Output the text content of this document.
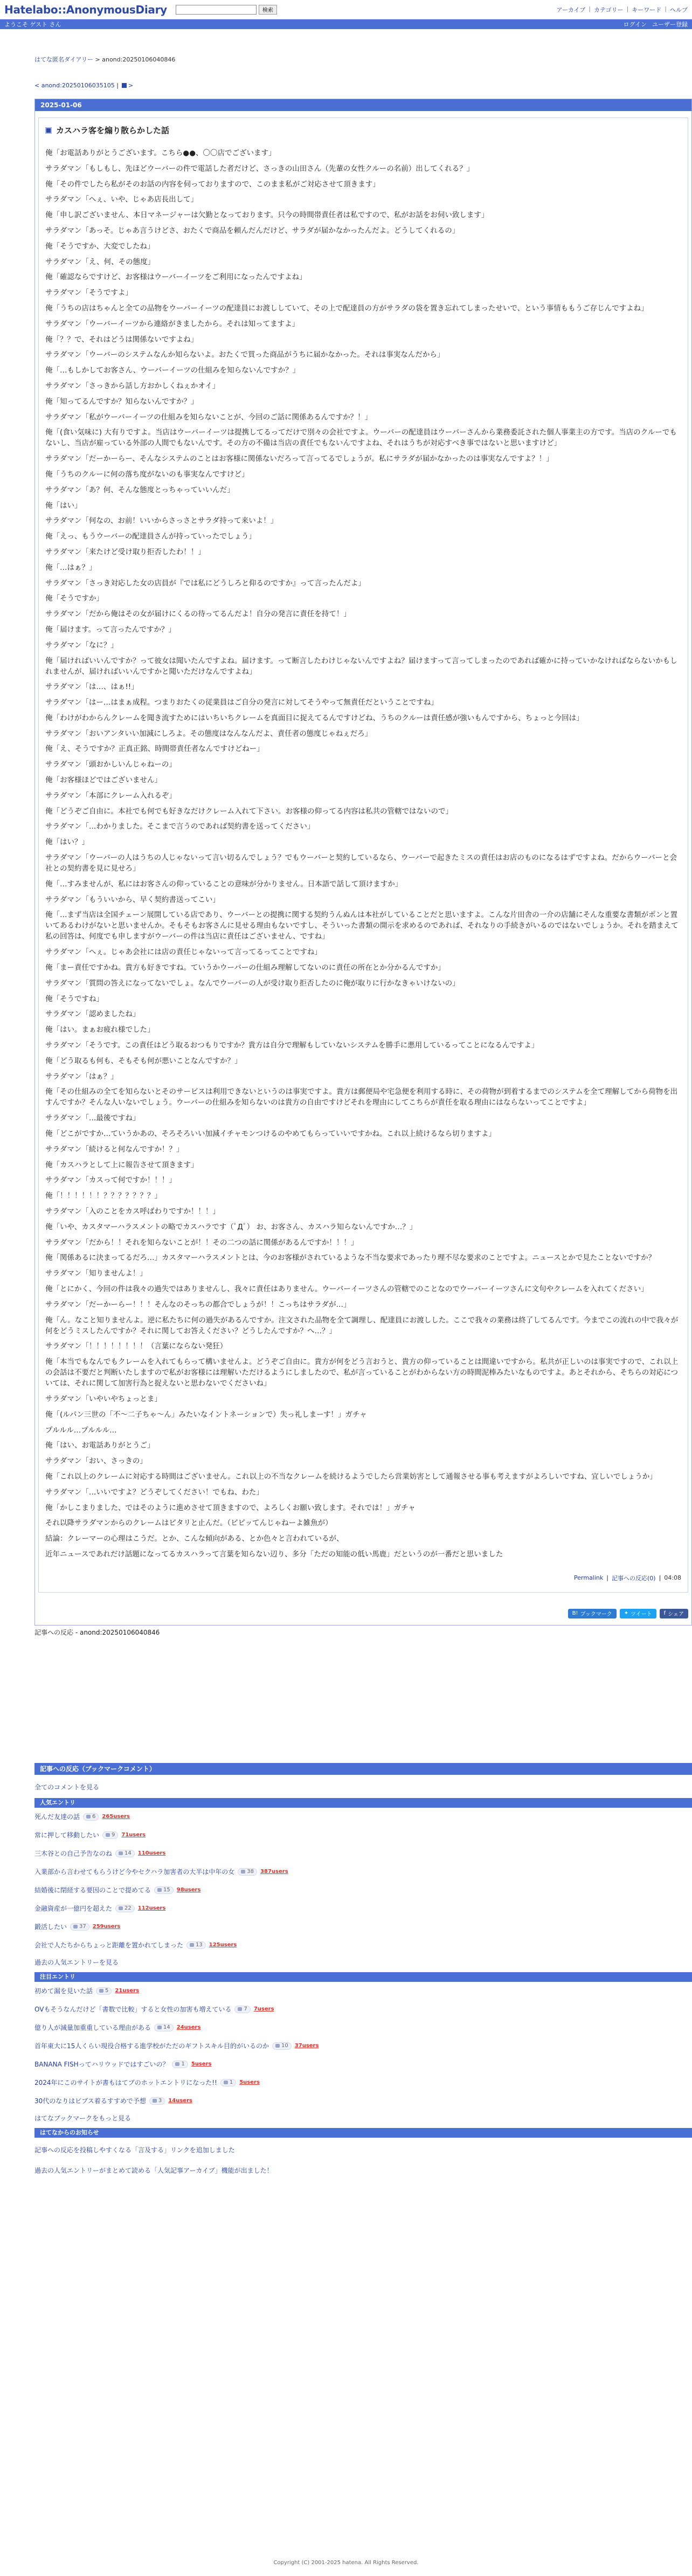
Hatelabo::AnonymousDiary	検索	アーカイブ | カテゴリー | キーワード | ヘルプ
ようこそ ゲスト さん	ログイン ユーザー登録
はてな匿名ダイアリー > anond:20250106040846
< anond:20250106035105 |  >
2025-01-06
カスハラ客を煽り散らかした話

俺「お電話ありがとうございます。こちら●●、〇〇店でございます」

サラダマン「もしもし、先ほどウーバーの件で電話した者だけど、さっきの山田さん（先輩の女性クルーの名前）出してくれる？」

俺「その件でしたら私がそのお話の内容を伺っておりますので、このまま私がご対応させて頂きます」

サラダマン「へぇ、いや、じゃあ店長出して」

俺「申し訳ございません、本日マネージャーは欠勤となっております。只今の時間帯責任者は私ですので、私がお話をお伺い致します」

サラダマン「あっそ。じゃあ言うけどさ、おたくで商品を頼んだんだけど、サラダが届かなかったんだよ。どうしてくれるの」

俺「そうですか、大変でしたね」

サラダマン「え、何、その態度」

俺「確認ならですけど、お客様はウーバーイーツをご利用になったんですよね」

サラダマン「そうですよ」

俺「うちの店はちゃんと全ての品物をウーバーイーツの配達員にお渡ししていて、その上で配達員の方がサラダの袋を置き忘れてしまったせいで、という事情ももうご存じんですよね」

サラダマン「ウーバーイーツから連絡がきましたから。それは知ってますよ」

俺「？？で、それはどうは関係ないですよね」

サラダマン「ウーバーのシステムなんか知らないよ。おたくで買った商品がうちに届かなかった。それは事実なんだから」

俺「…もしかしてお客さん、ウーバーイーツの仕組みを知らないんですか？」

サラダマン「さっきから話し方おかしくねぇかオイ」

俺「知ってるんですか？知らないんですか？」

サラダマン「私がウーバーイーツの仕組みを知らないことが、今回のご話に関係あるんですか？！」

俺「(食い気味に) 大有りですよ。当店はウーバーイーツは提携してるってだけで別々の会社ですよ。ウーバーの配達員はウーバーさんから業務委託された個人事業主の方です。当店のクルーでもないし、当店が雇っている外部の人間でもないんです。その方の不備は当店の責任でもないんですよね、それはうちが対応すべき事ではないと思いますけど」

サラダマン「だーかーらー、そんなシステムのことはお客様に関係ないだろって言ってるでしょうが。私にサラダが届かなかったのは事実なんですよ？！」

俺「うちのクルーに何の落ち度がないのも事実なんですけど」

サラダマン「あ？何、そんな態度とっちゃっていいんだ」

俺「はい」

サラダマン「何なの、お前！いいからさっさとサラダ持って来いよ！」

俺「えっ、もうウーバーの配達員さんが持っていったでしょう」

サラダマン「来たけど受け取り拒否したわ！！」

俺「…はぁ？」

サラダマン「さっき対応した女の店員が『では私にどうしろと仰るのですか』って言ったんだよ」

俺「そうですか」

サラダマン「だから俺はその女が届けにくるの待ってるんだよ！自分の発言に責任を持て！」

俺「届けます。って言ったんですか？」

サラダマン「なに？」

俺「届ければいいんですか？って彼女は聞いたんですよね。届けます。って断言したわけじゃないんですよね？届けますって言ってしまったのであれば確かに持っていかなければならないかもしれませんが、届ければいいんですかと聞いただけなんですよね」

サラダマン「は…、はぁ!!」

サラダマン「はー…はまぁ成程。つまりおたくの従業員はご自分の発言に対してそうやって無責任だということですね」

俺「わけがわからんクレームを聞き流すためにはいちいちクレームを真面目に捉えてるんですけどね、うちのクルーは責任感が強いもんですから、ちょっと今回は」

サラダマン「おいアンタいい加減にしろよ。その態度はなんなんだよ、責任者の態度じゃねぇだろ」

俺「え、そうですか？正真正銘、時間帯責任者なんですけどねー」

サラダマン「頭おかしいんじゃねーの」

俺「お客様ほどではございません」

サラダマン「本部にクレーム入れるぞ」

俺「どうぞご自由に。本社でも何でも好きなだけクレーム入れて下さい。お客様の仰ってる内容は私共の管轄ではないので」

サラダマン「…わかりました。そこまで言うのであれば契約書を送ってください」

俺「はい？」

サラダマン「ウーバーの人はうちの人じゃないって言い切るんでしょう？でもウーバーと契約しているなら、ウーバーで起きたミスの責任はお店のものになるはずですよね。だからウーバーと会社との契約書を見に見せろ」

俺「…すみませんが、私にはお客さんの仰っていることの意味が分かりません。日本語で話して頂けますか」

サラダマン「もういいから、早く契約書送ってこい」

俺「…まず当店は全国チェーン展開している店であり、ウーバーとの提携に関する契約うんぬんは本社がしていることだと思いますよ。こんな片田舎の一介の店舗にそんな重要な書類がポンと置いてあるわけがないと思いませんか。そもそもお客さんに見せる理由もないですし、そういった書類の開示を求めるのであれば、それなりの手続きがいるのではないでしょうか。それを踏まえて私の回答は、何度でも申しますがウーバーの件は当店に責任はございません、ですね」

サラダマン「へぇ。じゃあ会社には店の責任じゃないって言ってるってことですね」

俺「まー責任ですかね。貴方も好きですね。ていうかウーバーの仕組み理解してないのに責任の所在とか分かるんですか」

サラダマン「質問の答えになってないでしょ。なんでウーバーの人が受け取り拒否したのに俺が取りに行かなきゃいけないの」

俺「そうですね」

サラダマン「認めましたね」

俺「はい。まぁお疲れ様でした」

サラダマン「そうです。この責任はどう取るおつもりですか？貴方は自分で理解もしていないシステムを勝手に悪用しているってことになるんですよ」

俺「どう取るも何も、そもそも何が悪いことなんですか？」

サラダマン「はぁ？」

俺「その仕組みの全てを知らないとそのサービスは利用できないというのは事実ですよ。貴方は郵便局や宅急便を利用する時に、その荷物が到着するまでのシステムを全て理解してから荷物を出すんですか？そんな人いないでしょう。ウーバーの仕組みを知らないのは貴方の自由ですけどそれを理由にしてこちらが責任を取る理由にはならないってことですよ」

サラダマン「…最後ですね」

俺「どこがですか…ていうかあの、そろそろいい加減イチャモンつけるのやめてもらっていいですかね。これ以上続けるなら切りますよ」

サラダマン「続けると何なんですか！？」

俺「カスハラとして上に報告させて頂きます」

サラダマン「カスって何ですか！！！」

俺「！！！！！！？？？？？？？」

サラダマン「入のことをカス呼ばわりですか！！！」

俺「いや、カスタマーハラスメントの略でカスハラです（ﾟДﾟ） お、お客さん、カスハラ知らないんですか…？」

サラダマン「だから！！それを知らないことが！！その二つの話に関係があるんですか！！！」

俺「関係あるに決まってるだろ…」カスタマーハラスメントとは、今のお客様がされているような不当な要求であったり理不尽な要求のことですよ。ニュースとかで見たことないですか？

サラダマン「知りませんよ！」

俺「とにかく、今回の件は我々の過失ではありませんし、我々に責任はありません。ウーバーイーツさんの管轄でのことなのでウーバーイーツさんに文句やクレームを入れてください」

サラダマン「だーかーらー！！！そんなのそっちの都合でしょうが！！こっちはサラダが…」

俺「ん。なこと知りませんよ。逆に私たちに何の過失があるんですか。注文された品物を全て調理し、配達員にお渡しした。ここで我々の業務は終了してるんです。今までこの流れの中で我々が何をどうミスしたんですか？それに関してお答えください？どうしたんですか？へ…？」

サラダマン「！！！！！！！！（言葉にならない発狂）

俺「本当でもなんでもクレームを入れてもらって構いませんよ。どうぞご自由に。貴方が何をどう言おうと、貴方の仰っていることは間違いですから。私共が正しいのは事実ですので、これ以上の会話は不要だと判断いたしますので私がお客様には理解いただけるようにしましたので、私が言っていることがわからない方の時間泥棒みたいなものですよ。あとそれから、そちらの対応については、それに関して加害行為と捉えないと思わないでくださいね」

サラダマン「いやいやちょっとま」

俺「(ルパン三世の「不〜二子ちゃ〜ん」みたいなイントネーションで）失っ礼しまーす！」ガチャ

プルルル…プルルル…

俺「はい、お電話ありがとうご」

サラダマン「おい、さっきの」

俺「これ以上のクレームに対応する時間はございません。これ以上の不当なクレームを続けるようでしたら営業妨害として通報させる事も考えますがよろしいですね、宜しいでしょうか」

サラダマン「…いいですよ？どうぞしてください！でもね、わた」

俺「かしこまりました、ではそのように進めさせて頂きますので、よろしくお願い致します。それでは！」ガチャ

それ以降サラダマンからのクレームはピタリと止んだ。（ピピッてんじゃねーよ雑魚が）

結論：クレーマーの心理はこうだ。とか、こんな傾向がある、とか色々と言われているが、

近年ニュースであれだけ話題になってるカスハラって言葉を知らない辺り、多分「ただの知能の低い馬鹿」だというのが一番だと思いました

Permalink | 記事への反応(0) | 04:08
B! ブックマーク ✦ ツイート f シェア
記事への反応 - anond:20250106040846
記事への反応（ブックマークコメント）
全てのコメントを見る
人気エントリ
死んだ友達の話 6 265users
常に押して移動したい 9 71users
三木谷との自己予告なのね 14 110users
入業部から言わせてもらうけど今やセクハラ加害者の大半は中年の女 38 387users
結婚後に閉経する要因のことで提めてる 15 98users
金融資産が一億円を超えた 22 112users
鍛活したい 37 259users
会社で人たちからちょっと距離を置かれてしまった 13 125users
過去の人気エントリーを見る
注目エントリ
初めて漏を見いた話 5 21users
OVもそうなんだけど「書数で比較」すると女性の加害も増えている 7 7users
億り人が減量加重重している理由がある 14 24users
首年東大に15人くらい現役合格する進学校がただのギフトスキル目的がいるのか 10 37users
BANANA FISHってハリウッドではすごいの？ 1 5users
2024年にこのサイトが書もはてブのホットエントリになった!! 1 5users
30代のなりはビブス着るすすめで予想 3 14users
はてなブックマークをもっと見る
はてなからのお知らせ
記事への反応を投稿しやすくなる「言及する」リンクを追加しました
過去の人気エントリーがまとめて読める「人気記事アーカイブ」機能が出ました！
Copyright (C) 2001-2025 hatena. All Rights Reserved.
